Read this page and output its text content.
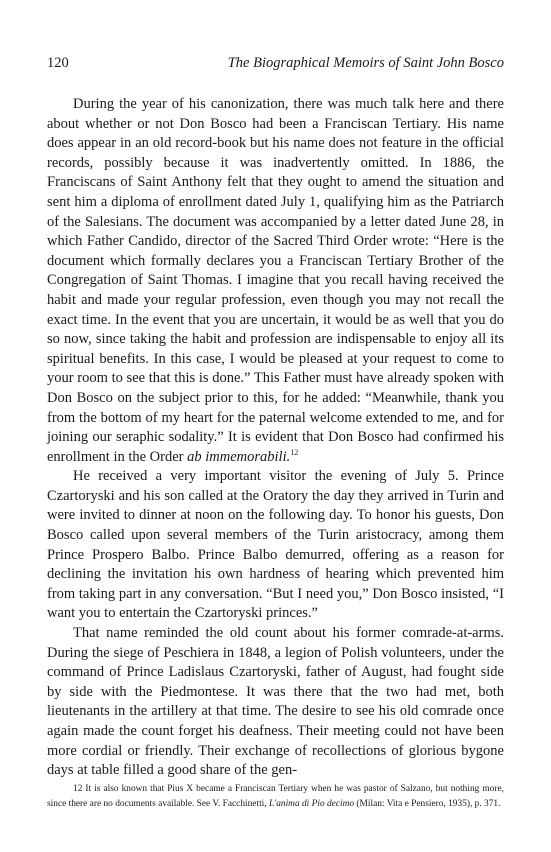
120	The Biographical Memoirs of Saint John Bosco

During the year of his canonization, there was much talk here and there about whether or not Don Bosco had been a Franciscan Tertiary. His name does appear in an old record-book but his name does not feature in the official records, possibly because it was inadvertently omitted. In 1886, the Franciscans of Saint Anthony felt that they ought to amend the situation and sent him a diploma of enrollment dated July 1, qualifying him as the Patriarch of the Salesians. The document was accompanied by a letter dated June 28, in which Father Candido, director of the Sacred Third Order wrote: “Here is the document which formally declares you a Franciscan Tertiary Brother of the Congregation of Saint Thomas. I imagine that you recall having received the habit and made your regular profession, even though you may not recall the exact time. In the event that you are uncertain, it would be as well that you do so now, since taking the habit and profession are indispensable to enjoy all its spiritual benefits. In this case, I would be pleased at your request to come to your room to see that this is done.” This Father must have already spoken with Don Bosco on the subject prior to this, for he added: “Meanwhile, thank you from the bottom of my heart for the paternal welcome extended to me, and for joining our seraphic sodality.” It is evident that Don Bosco had confirmed his enrollment in the Order ab immemorabili.$^{12}$

He received a very important visitor the evening of July 5. Prince Czartoryski and his son called at the Oratory the day they arrived in Turin and were invited to dinner at noon on the following day. To honor his guests, Don Bosco called upon several members of the Turin aristocracy, among them Prince Prospero Balbo. Prince Balbo demurred, offering as a reason for declining the invitation his own hardness of hearing which prevented him from taking part in any conversation. “But I need you,” Don Bosco insisted, “I want you to entertain the Czartoryski princes.”

That name reminded the old count about his former comrade-at-arms. During the siege of Peschiera in 1848, a legion of Polish volunteers, under the command of Prince Ladislaus Czartoryski, father of August, had fought side by side with the Piedmontese. It was there that the two had met, both lieutenants in the artillery at that time. The desire to see his old comrade once again made the count forget his deafness. Their meeting could not have been more cordial or friendly. Their exchange of recollections of glorious bygone days at table filled a good share of the gen-

12 It is also known that Pius X became a Franciscan Tertiary when he was pastor of Salzano, but nothing more, since there are no documents available. See V. Facchinetti, L'anima di Pio decimo (Milan: Vita e Pensiero, 1935), p. 371.
